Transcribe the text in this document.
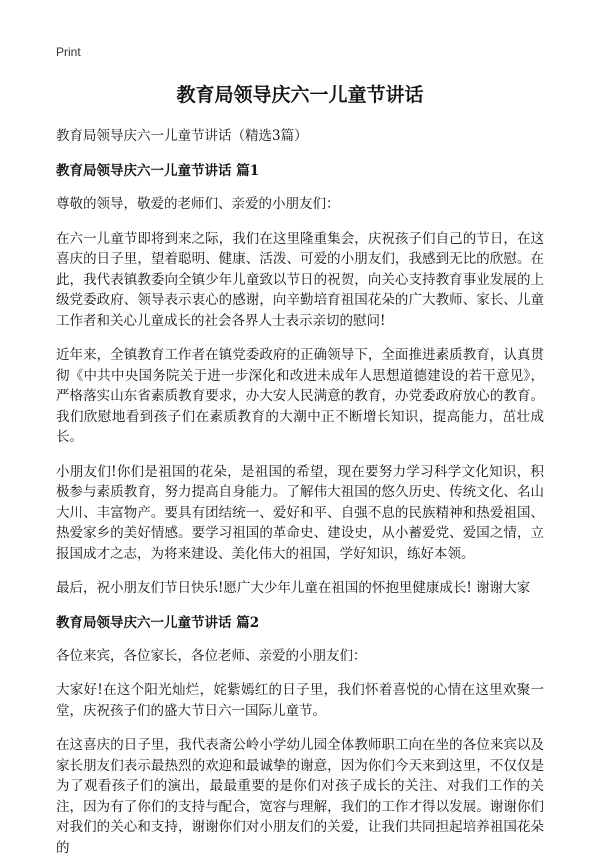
Print
教育局领导庆六一儿童节讲话

教育局领导庆六一儿童节讲话（精选3篇）

教育局领导庆六一儿童节讲话 篇1

尊敬的领导，敬爱的老师们、亲爱的小朋友们：

在六一儿童节即将到来之际，我们在这里隆重集会，庆祝孩子们自己的节日，在这喜庆的日子里，望着聪明、健康、活泼、可爱的小朋友们，我感到无比的欣慰。在此，我代表镇教委向全镇少年儿童致以节日的祝贺，向关心支持教育事业发展的上级党委政府、领导表示衷心的感谢，向辛勤培育祖国花朵的广大教师、家长、儿童工作者和关心儿童成长的社会各界人士表示亲切的慰问!

近年来，全镇教育工作者在镇党委政府的正确领导下，全面推进素质教育，认真贯彻《中共中央国务院关于进一步深化和改进未成年人思想道德建设的若干意见》，严格落实山东省素质教育要求，办大安人民满意的教育，办党委政府放心的教育。我们欣慰地看到孩子们在素质教育的大潮中正不断增长知识，提高能力，茁壮成长。

小朋友们!你们是祖国的花朵，是祖国的希望，现在要努力学习科学文化知识，积极参与素质教育，努力提高自身能力。了解伟大祖国的悠久历史、传统文化、名山大川、丰富物产。要具有团结统一、爱好和平、自强不息的民族精神和热爱祖国、热爱家乡的美好情感。要学习祖国的革命史、建设史，从小蓄爱党、爱国之情，立报国成才之志，为将来建设、美化伟大的祖国，学好知识，练好本领。

最后，祝小朋友们节日快乐!愿广大少年儿童在祖国的怀抱里健康成长! 谢谢大家

教育局领导庆六一儿童节讲话 篇2

各位来宾，各位家长，各位老师、亲爱的小朋友们：

大家好!在这个阳光灿烂，姹紫嫣红的日子里，我们怀着喜悦的心情在这里欢聚一堂，庆祝孩子们的盛大节日六一国际儿童节。

在这喜庆的日子里，我代表斋公岭小学幼儿园全体教师职工向在坐的各位来宾以及家长朋友们表示最热烈的欢迎和最诚挚的谢意，因为你们今天来到这里，不仅仅是为了观看孩子们的演出，最最重要的是你们对孩子成长的关注、对我们工作的关注，因为有了你们的支持与配合，宽容与理解，我们的工作才得以发展。谢谢你们对我们的关心和支持，谢谢你们对小朋友们的关爱，让我们共同担起培养祖国花朵的
